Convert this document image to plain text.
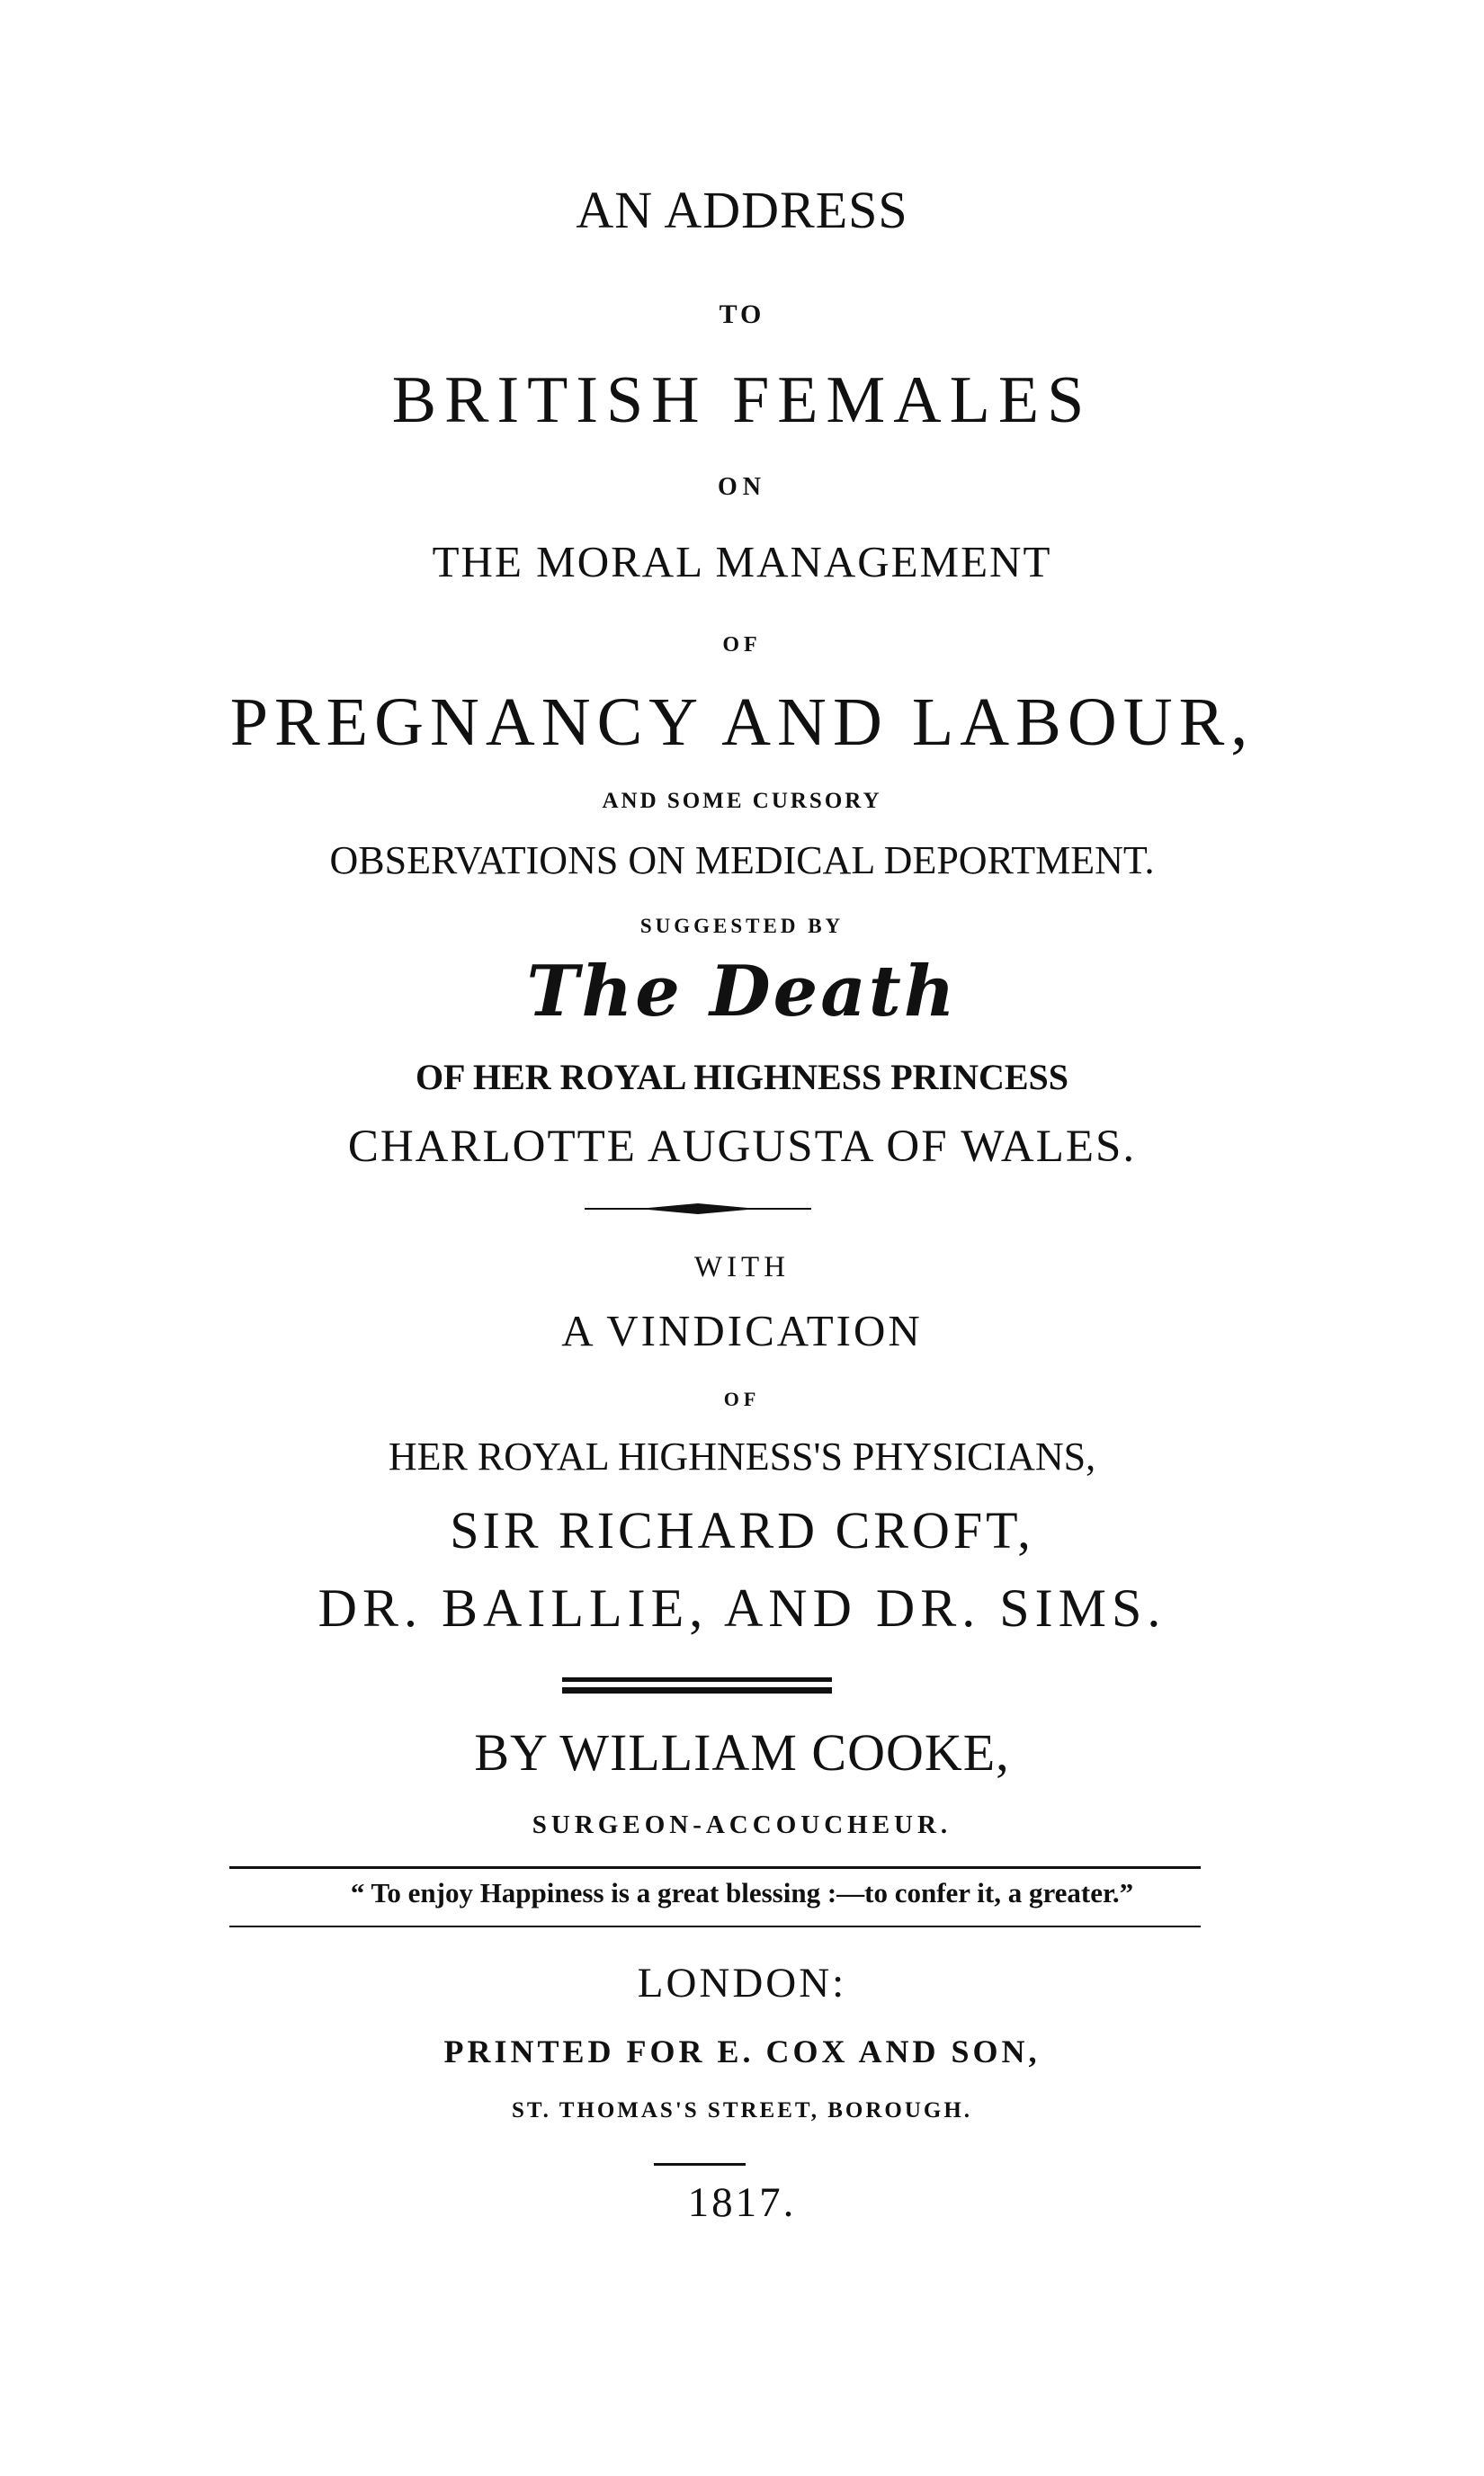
AN ADDRESS
TO
BRITISH FEMALES
ON
THE MORAL MANAGEMENT
OF
PREGNANCY AND LABOUR,
AND SOME CURSORY
OBSERVATIONS ON MEDICAL DEPORTMENT.
SUGGESTED BY
The Death
OF HER ROYAL HIGHNESS PRINCESS
CHARLOTTE AUGUSTA OF WALES.
WITH
A VINDICATION
OF
HER ROYAL HIGHNESS'S PHYSICIANS,
SIR RICHARD CROFT,
DR. BAILLIE, AND DR. SIMS.
BY WILLIAM COOKE,
SURGEON-ACCOUCHEUR.
“ To enjoy Happiness is a great blessing :—to confer it, a greater.”
LONDON:
PRINTED FOR E. COX AND SON,
ST. THOMAS'S STREET, BOROUGH.
1817.
